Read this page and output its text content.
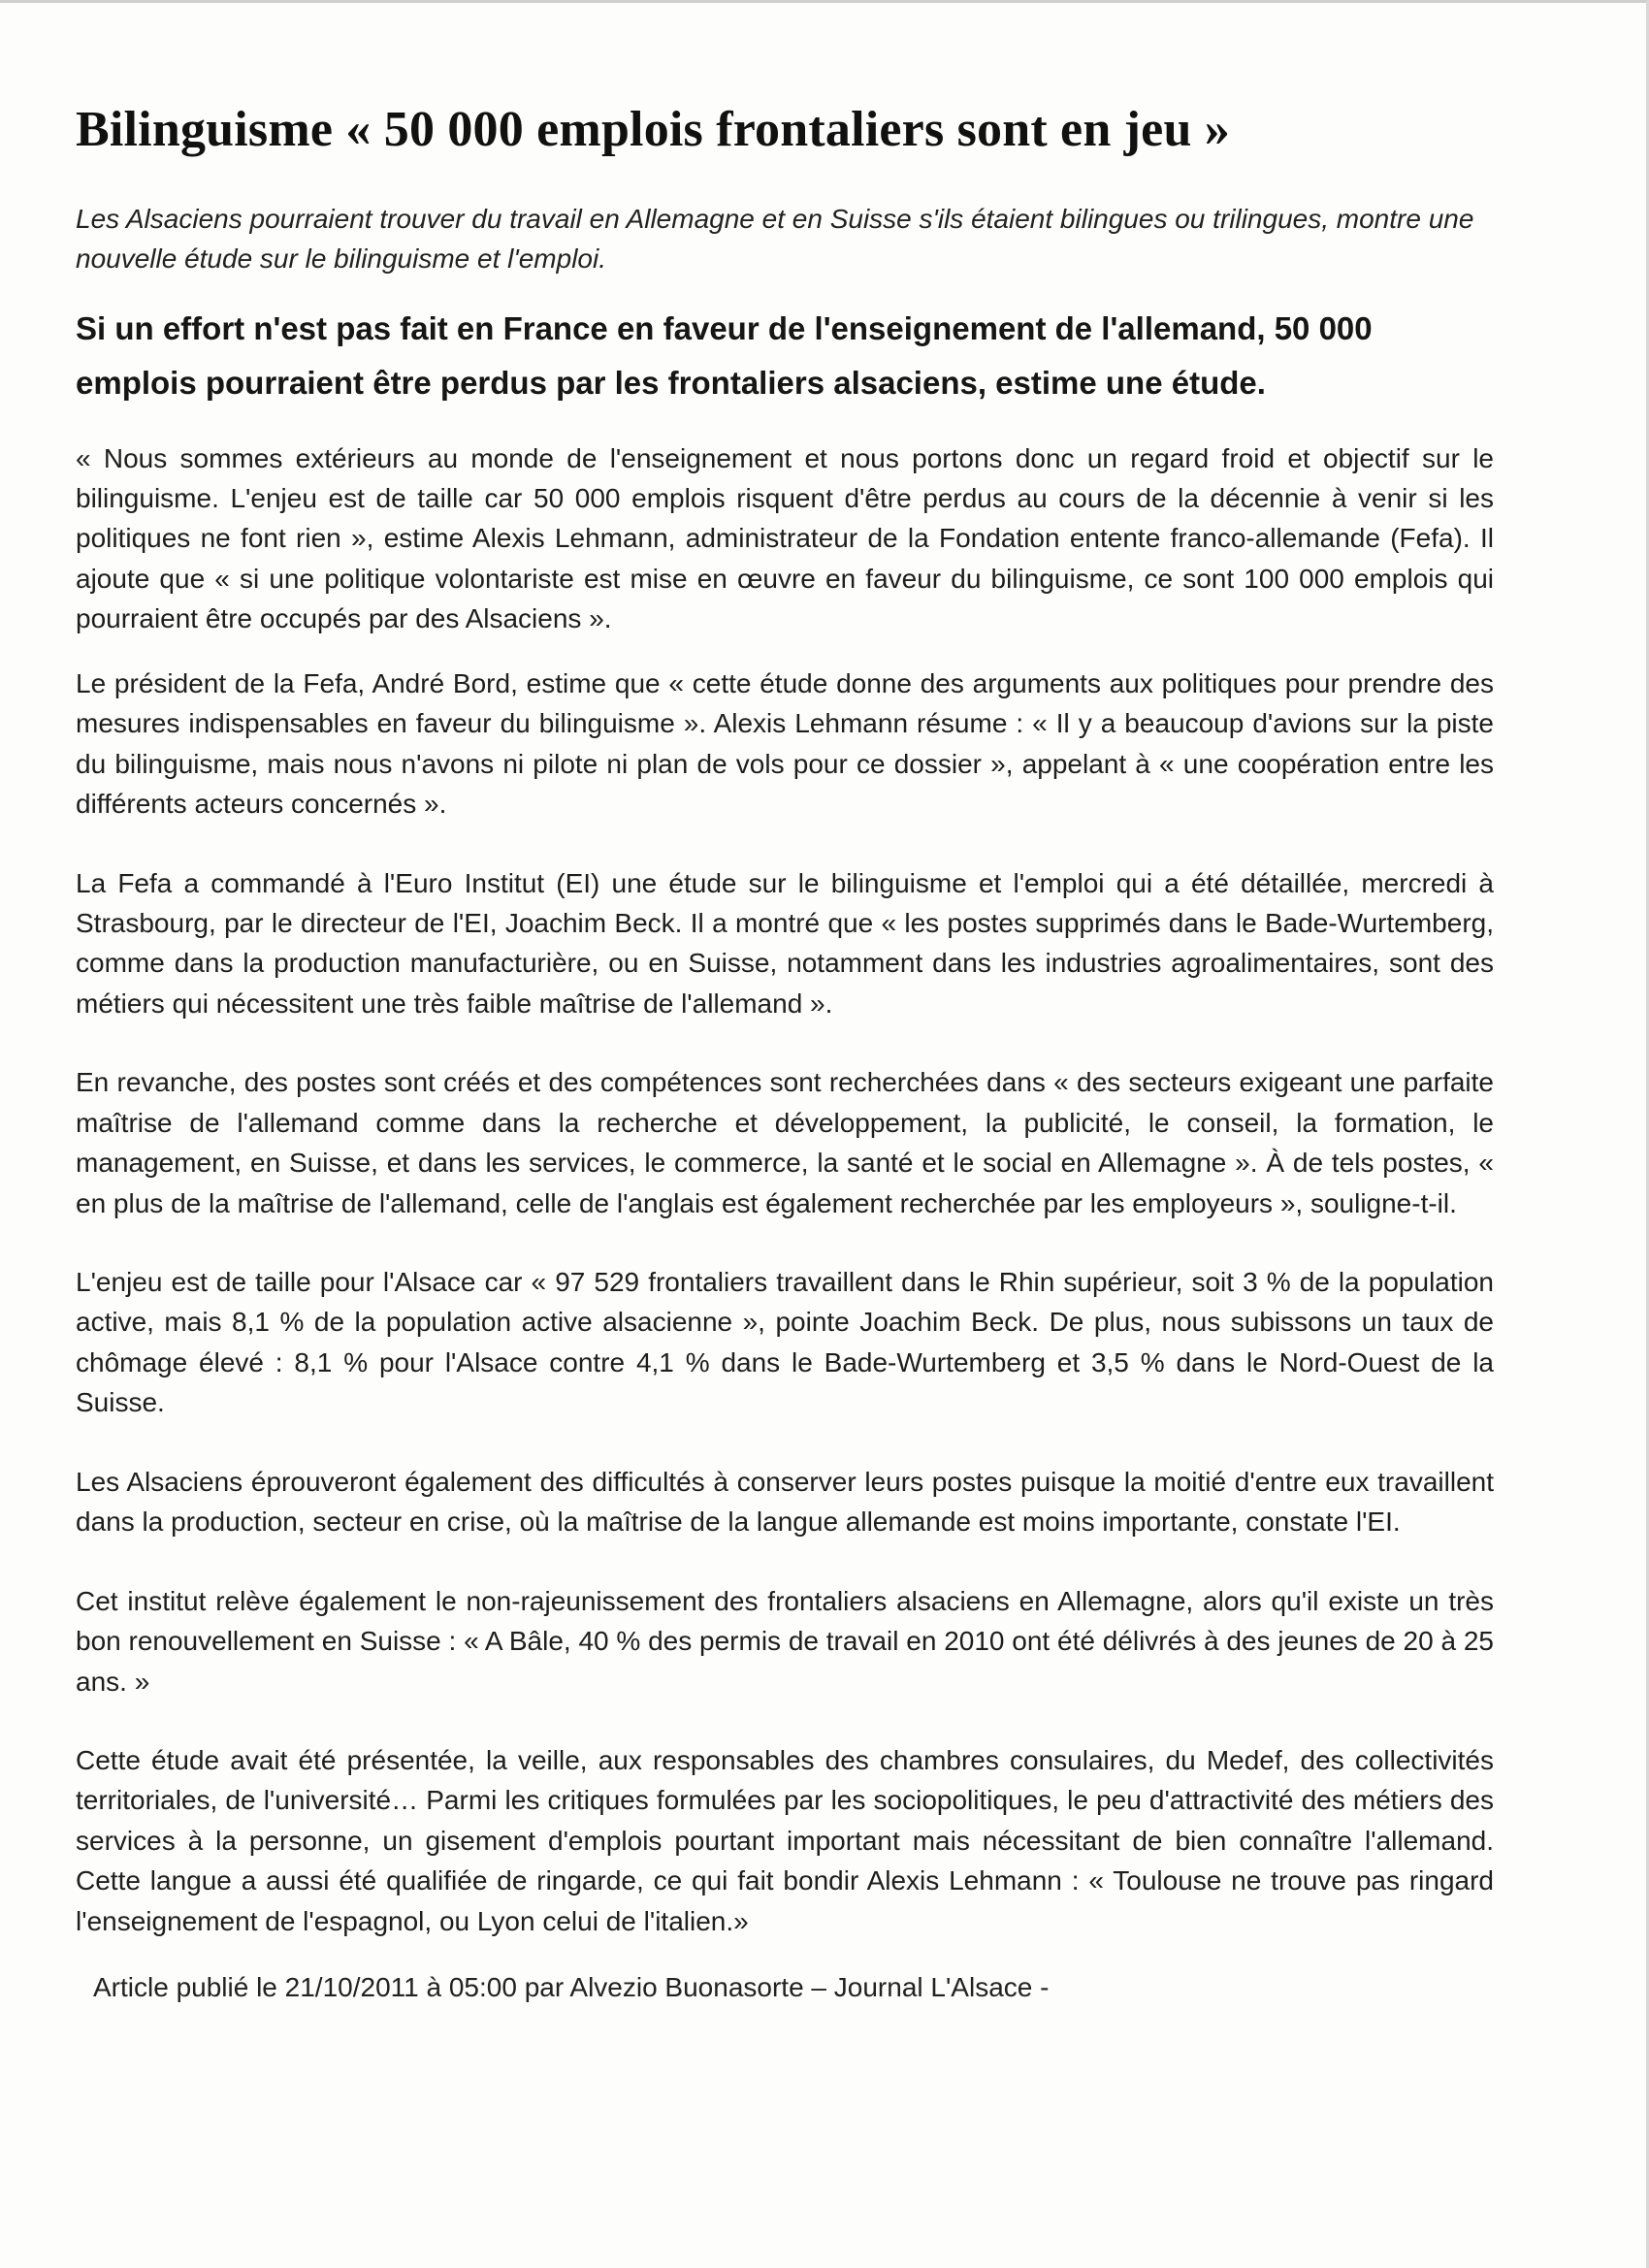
Bilinguisme « 50 000 emplois frontaliers sont en jeu »

Les Alsaciens pourraient trouver du travail en Allemagne et en Suisse s'ils étaient bilingues ou trilingues, montre une nouvelle étude sur le bilinguisme et l'emploi.

Si un effort n'est pas fait en France en faveur de l'enseignement de l'allemand, 50 000 emplois pourraient être perdus par les frontaliers alsaciens, estime une étude.

« Nous sommes extérieurs au monde de l'enseignement et nous portons donc un regard froid et objectif sur le bilinguisme. L'enjeu est de taille car 50 000 emplois risquent d'être perdus au cours de la décennie à venir si les politiques ne font rien », estime Alexis Lehmann, administrateur de la Fondation entente franco-allemande (Fefa). Il ajoute que « si une politique volontariste est mise en œuvre en faveur du bilinguisme, ce sont 100 000 emplois qui pourraient être occupés par des Alsaciens ».

Le président de la Fefa, André Bord, estime que « cette étude donne des arguments aux politiques pour prendre des mesures indispensables en faveur du bilinguisme ». Alexis Lehmann résume : « Il y a beaucoup d'avions sur la piste du bilinguisme, mais nous n'avons ni pilote ni plan de vols pour ce dossier », appelant à « une coopération entre les différents acteurs concernés ».

La Fefa a commandé à l'Euro Institut (EI) une étude sur le bilinguisme et l'emploi qui a été détaillée, mercredi à Strasbourg, par le directeur de l'EI, Joachim Beck. Il a montré que « les postes supprimés dans le Bade-Wurtemberg, comme dans la production manufacturière, ou en Suisse, notamment dans les industries agroalimentaires, sont des métiers qui nécessitent une très faible maîtrise de l'allemand ».

En revanche, des postes sont créés et des compétences sont recherchées dans « des secteurs exigeant une parfaite maîtrise de l'allemand comme dans la recherche et développement, la publicité, le conseil, la formation, le management, en Suisse, et dans les services, le commerce, la santé et le social en Allemagne ». À de tels postes, « en plus de la maîtrise de l'allemand, celle de l'anglais est également recherchée par les employeurs », souligne-t-il.

L'enjeu est de taille pour l'Alsace car « 97 529 frontaliers travaillent dans le Rhin supérieur, soit 3 % de la population active, mais 8,1 % de la population active alsacienne », pointe Joachim Beck. De plus, nous subissons un taux de chômage élevé : 8,1 % pour l'Alsace contre 4,1 % dans le Bade-Wurtemberg et 3,5 % dans le Nord-Ouest de la Suisse.

Les Alsaciens éprouveront également des difficultés à conserver leurs postes puisque la moitié d'entre eux travaillent dans la production, secteur en crise, où la maîtrise de la langue allemande est moins importante, constate l'EI.

Cet institut relève également le non-rajeunissement des frontaliers alsaciens en Allemagne, alors qu'il existe un très bon renouvellement en Suisse : « A Bâle, 40 % des permis de travail en 2010 ont été délivrés à des jeunes de 20 à 25 ans. »

Cette étude avait été présentée, la veille, aux responsables des chambres consulaires, du Medef, des collectivités territoriales, de l'université… Parmi les critiques formulées par les sociopolitiques, le peu d'attractivité des métiers des services à la personne, un gisement d'emplois pourtant important mais nécessitant de bien connaître l'allemand. Cette langue a aussi été qualifiée de ringarde, ce qui fait bondir Alexis Lehmann : « Toulouse ne trouve pas ringard l'enseignement de l'espagnol, ou Lyon celui de l'italien.»

Article publié le 21/10/2011 à 05:00 par Alvezio Buonasorte – Journal L'Alsace -
